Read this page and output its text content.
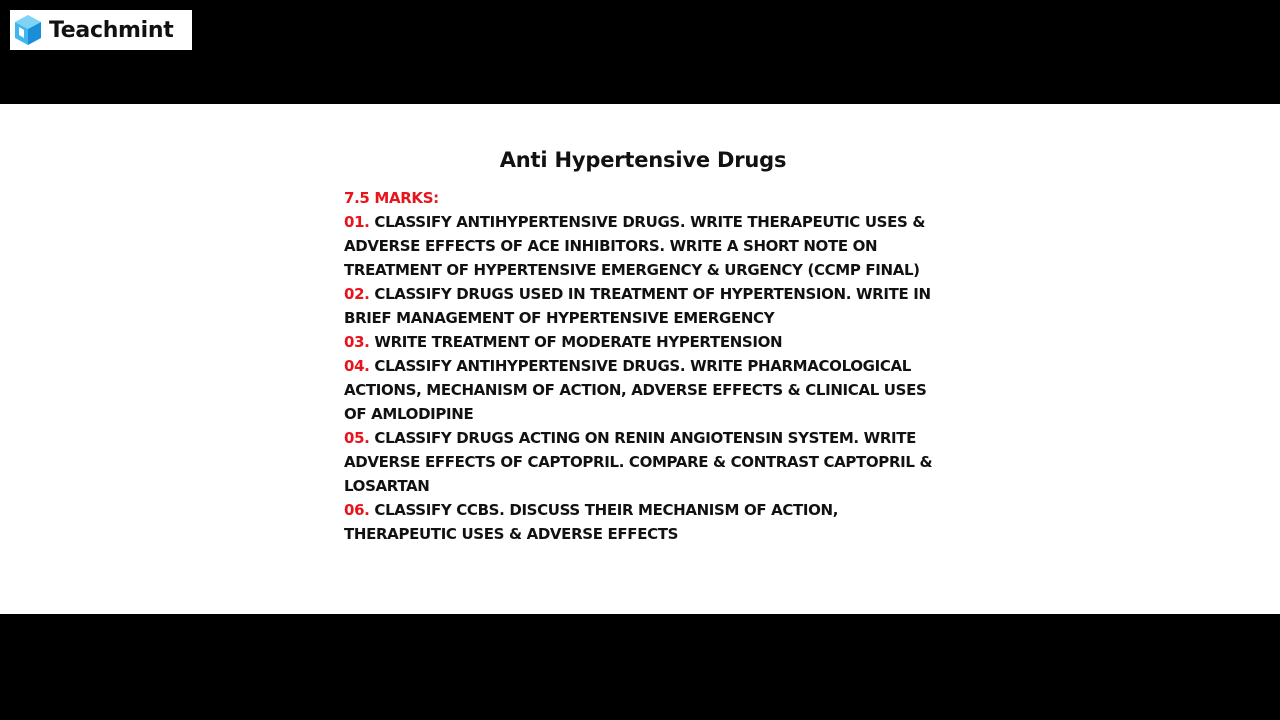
Teachmint
Anti Hypertensive Drugs
7.5 MARKS:

01. CLASSIFY ANTIHYPERTENSIVE DRUGS. WRITE THERAPEUTIC USES & ADVERSE EFFECTS OF ACE INHIBITORS. WRITE A SHORT NOTE ON TREATMENT OF HYPERTENSIVE EMERGENCY & URGENCY (CCMP FINAL)

02. CLASSIFY DRUGS USED IN TREATMENT OF HYPERTENSION. WRITE IN BRIEF MANAGEMENT OF HYPERTENSIVE EMERGENCY

03. WRITE TREATMENT OF MODERATE HYPERTENSION

04. CLASSIFY ANTIHYPERTENSIVE DRUGS. WRITE PHARMACOLOGICAL ACTIONS, MECHANISM OF ACTION, ADVERSE EFFECTS & CLINICAL USES OF AMLODIPINE

05. CLASSIFY DRUGS ACTING ON RENIN ANGIOTENSIN SYSTEM. WRITE ADVERSE EFFECTS OF CAPTOPRIL. COMPARE & CONTRAST CAPTOPRIL & LOSARTAN

06. CLASSIFY CCBS. DISCUSS THEIR MECHANISM OF ACTION, THERAPEUTIC USES & ADVERSE EFFECTS
